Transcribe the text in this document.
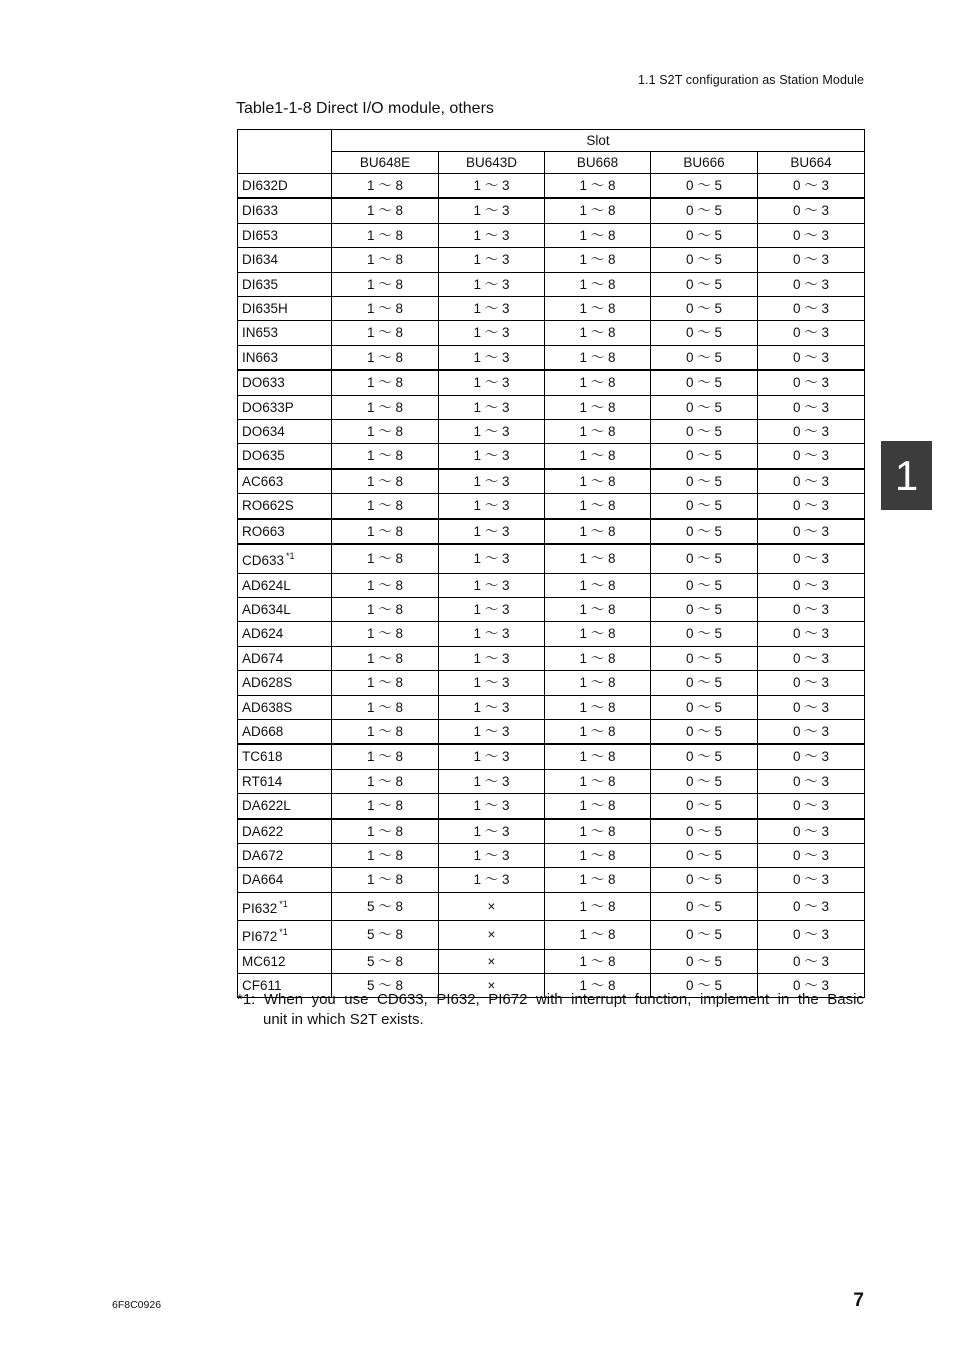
1.1 S2T configuration as Station Module
Table1-1-8 Direct I/O module, others
	Slot				
	BU648E	BU643D	BU668	BU666	BU664
DI632D	1 ～ 8	1 ～ 3	1 ～ 8	0 ～ 5	0 ～ 3
DI633	1 ～ 8	1 ～ 3	1 ～ 8	0 ～ 5	0 ～ 3
DI653	1 ～ 8	1 ～ 3	1 ～ 8	0 ～ 5	0 ～ 3
DI634	1 ～ 8	1 ～ 3	1 ～ 8	0 ～ 5	0 ～ 3
DI635	1 ～ 8	1 ～ 3	1 ～ 8	0 ～ 5	0 ～ 3
DI635H	1 ～ 8	1 ～ 3	1 ～ 8	0 ～ 5	0 ～ 3
IN653	1 ～ 8	1 ～ 3	1 ～ 8	0 ～ 5	0 ～ 3
IN663	1 ～ 8	1 ～ 3	1 ～ 8	0 ～ 5	0 ～ 3
DO633	1 ～ 8	1 ～ 3	1 ～ 8	0 ～ 5	0 ～ 3
DO633P	1 ～ 8	1 ～ 3	1 ～ 8	0 ～ 5	0 ～ 3
DO634	1 ～ 8	1 ～ 3	1 ～ 8	0 ～ 5	0 ～ 3
DO635	1 ～ 8	1 ～ 3	1 ～ 8	0 ～ 5	0 ～ 3
AC663	1 ～ 8	1 ～ 3	1 ～ 8	0 ～ 5	0 ～ 3
RO662S	1 ～ 8	1 ～ 3	1 ～ 8	0 ～ 5	0 ～ 3
RO663	1 ～ 8	1 ～ 3	1 ～ 8	0 ～ 5	0 ～ 3
CD633 $^{*1}$	1 ～ 8	1 ～ 3	1 ～ 8	0 ～ 5	0 ～ 3
AD624L	1 ～ 8	1 ～ 3	1 ～ 8	0 ～ 5	0 ～ 3
AD634L	1 ～ 8	1 ～ 3	1 ～ 8	0 ～ 5	0 ～ 3
AD624	1 ～ 8	1 ～ 3	1 ～ 8	0 ～ 5	0 ～ 3
AD674	1 ～ 8	1 ～ 3	1 ～ 8	0 ～ 5	0 ～ 3
AD628S	1 ～ 8	1 ～ 3	1 ～ 8	0 ～ 5	0 ～ 3
AD638S	1 ～ 8	1 ～ 3	1 ～ 8	0 ～ 5	0 ～ 3
AD668	1 ～ 8	1 ～ 3	1 ～ 8	0 ～ 5	0 ～ 3
TC618	1 ～ 8	1 ～ 3	1 ～ 8	0 ～ 5	0 ～ 3
RT614	1 ～ 8	1 ～ 3	1 ～ 8	0 ～ 5	0 ～ 3
DA622L	1 ～ 8	1 ～ 3	1 ～ 8	0 ～ 5	0 ～ 3
DA622	1 ～ 8	1 ～ 3	1 ～ 8	0 ～ 5	0 ～ 3
DA672	1 ～ 8	1 ～ 3	1 ～ 8	0 ～ 5	0 ～ 3
DA664	1 ～ 8	1 ～ 3	1 ～ 8	0 ～ 5	0 ～ 3
PI632 $^{*1}$	5 ～ 8	×	1 ～ 8	0 ～ 5	0 ～ 3
PI672 $^{*1}$	5 ～ 8	×	1 ～ 8	0 ～ 5	0 ～ 3
MC612	5 ～ 8	×	1 ～ 8	0 ～ 5	0 ～ 3
CF611	5 ～ 8	×	1 ～ 8	0 ～ 5	0 ～ 3
*1: When you use CD633, PI632, PI672 with interrupt function, implement in the Basic
unit in which S2T exists.
1
6F8C0926	7
